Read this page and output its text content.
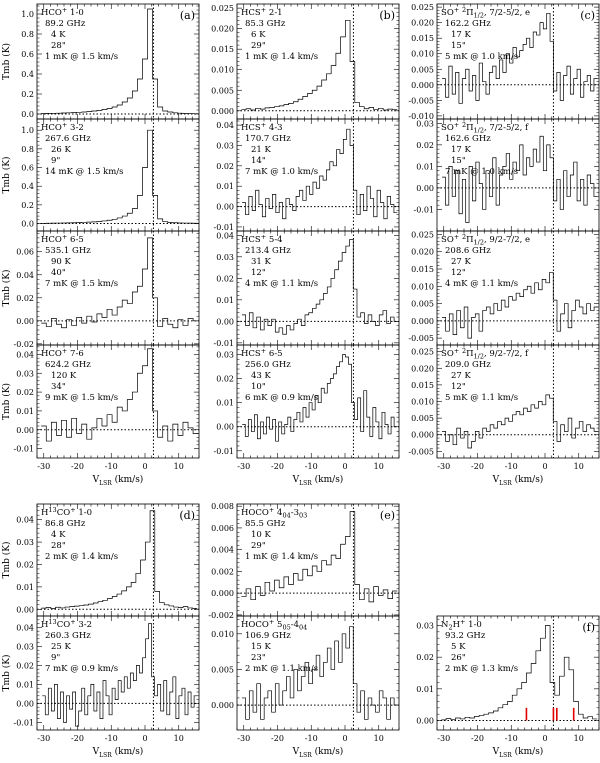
0.0
0.2
0.4
0.6
0.8
1.0
Tmb (K)
(a)
HCO+ 1-0
89.2 GHz
4 K
28"
1 mK @ 1.5 km/s
0.0
0.2
0.4
0.6
0.8
1.0
Tmb (K)
HCO+ 3-2
267.6 GHz
26 K
9"
14 mK @ 1.5 km/s
-0.02
0.00
0.02
0.04
0.06
Tmb (K)
HCO+ 6-5
535.1 GHz
90 K
40"
7 mK @ 1.5 km/s
-30	-20	-10	0	10
-0.01
0.00
0.01
0.02
0.03
0.04
Tmb (K)
HCO+ 7-6
624.2 GHz
120 K
34"
9 mK @ 1.5 km/s
0.000
0.005
0.010
0.015
0.020
0.025
(b)
HCS+ 2-1
85.3 GHz
6 K
29"
1 mK @ 1.4 km/s
-0.01
0.00
0.01
0.02
0.03
0.04 HCS+ 4-3
170.7 GHz
21 K
14"
7 mK @ 1.0 km/s
-0.01
0.00
0.01
0.02
0.03
0.04 HCS+ 5-4
213.4 GHz
31 K
12"
4 mK @ 1.1 km/s
-30	-20	-10	0	10
-0.01
0.00
0.01
0.02
0.03 HCS+ 6-5
256.0 GHz
43 K
10"
6 mK @ 0.9 km/s
-0.010
-0.005
0.000
0.005
0.010
0.015
0.020
0.025
(c)
SO+ $^2\Pi_{1/2}$, 7/2-5/2, e
162.2 GHz
17 K
15"
5 mK @ 1.0 km/s
-0.01
0.00
0.01
0.02
0.03 SO+ $^2\Pi_{1/2}$, 7/2-5/2, f
162.6 GHz
17 K
15"
7 mK @ 1.0 km/s
-0.005
0.000
0.005
0.010
0.015
0.020
0.025
SO+ $^2\Pi_{1/2}$, 9/2-7/2, e
208.6 GHz
27 K
12"
4 mK @ 1.1 km/s
-30	-20	-10	0	10
-0.005
0.000
0.005
0.010
0.015
0.020
0.025 SO+ $^2\Pi_{1/2}$, 9/2-7/2, f
209.0 GHz
27 K
12"
5 mK @ 1.1 km/s
0.00
0.01
0.02
0.03
0.04
Tmb (K)
(d)
$H^{13}CO^+$ 1-0
86.8 GHz
4 K
28"
2 mK @ 1.4 km/s
-30	-20	-10	0	10
-0.01
0.00
0.01
0.02
0.03
0.04
Tmb (K)
$H^{13}CO^+$ 3-2
260.3 GHz
25 K
9"
7 mK @ 0.9 km/s
-0.002
0.000
0.002
0.004
0.006
0.008
(e)
HOCO+ $4_{04}-3_{03}$
85.5 GHz
10 K
29"
1 mK @ 1.4 km/s
-30	-20	-10	0	10
0.000
0.005
0.010
HOCO+ $5_{05}-4_{04}$
106.9 GHz
15 K
23"
2 mK @ 1.1 km/s
-30	-20	-10	0	10
0.00
0.01
0.02
0.03	(f)
$N_2H^+$ 1-0
93.2 GHz
5 K
26"
2 mK @ 1.3 km/s
$V_{LSR}$ (km/s)	$V_{LSR}$ (km/s)	$V_{LSR}$ (km/s)
$V_{LSR}$ (km/s)	$V_{LSR}$ (km/s)	$V_{LSR}$ (km/s)
